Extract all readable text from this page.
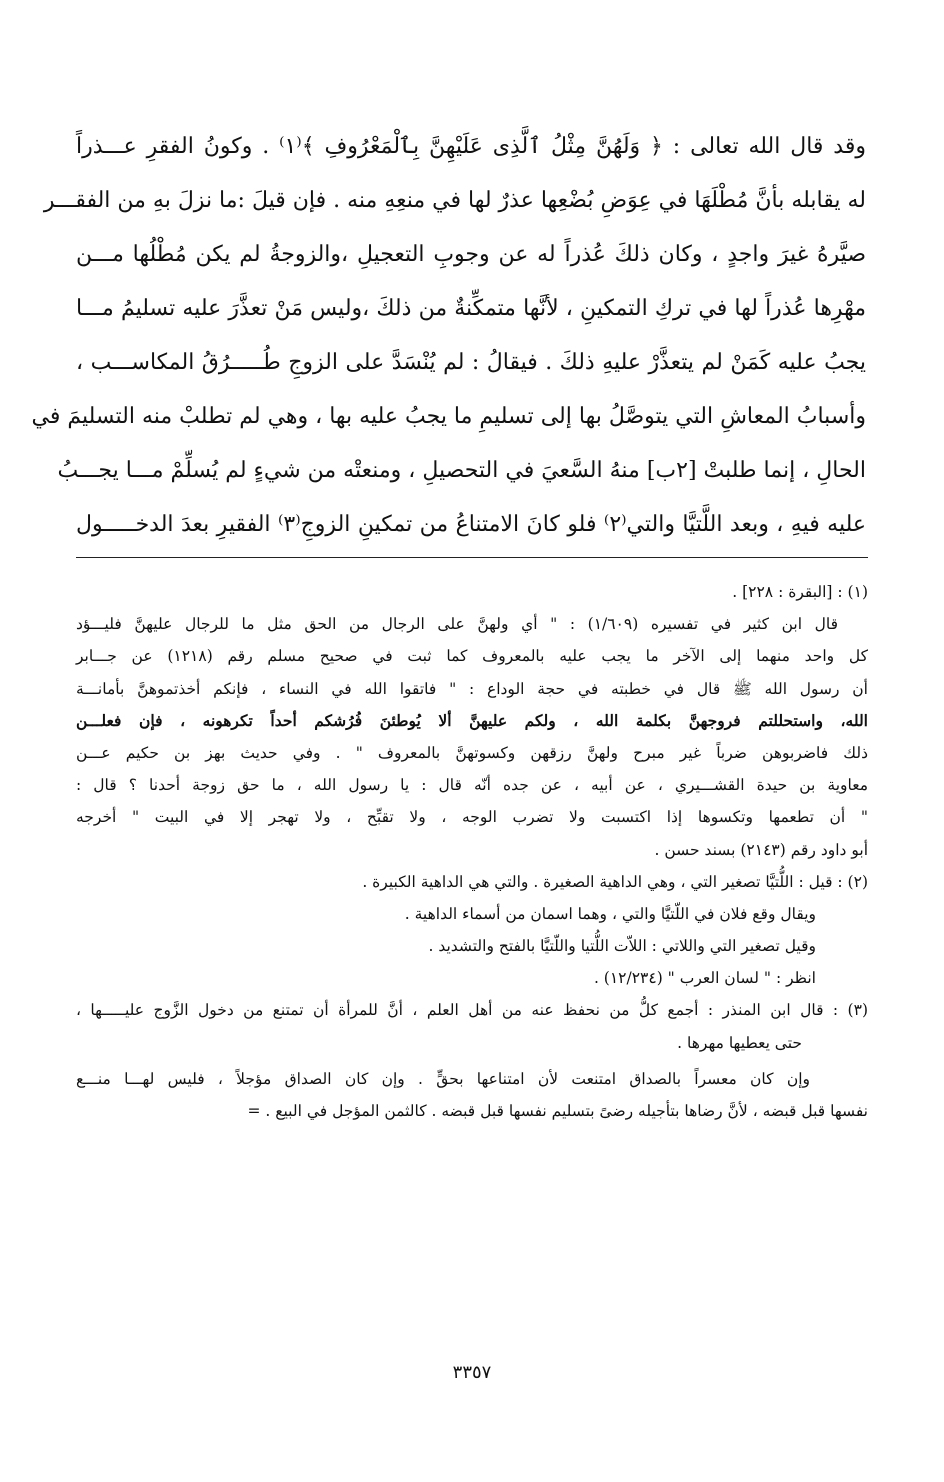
وقد قال الله تعالى : ﴿ وَلَهُنَّ مِثْلُ ٱلَّذِى عَلَيْهِنَّ بِٱلْمَعْرُوفِ ﴾⁽١⁾ . وكونُ الفقرِ عـــذراً
له يقابله بأنَّ مُطْلَهَا في عِوَضِ بُضْعِها عذرٌ لها في منعِهِ منه . فإن قيلَ :ما نزلَ بهِ من الفقـــر
صيَّرهُ غيرَ واجدٍ ، وكان ذلكَ عُذراً له عن وجوبِ التعجيلِ ،والزوجةُ لم يكن مُطْلُها مـــن
مهْرِها عُذراً لها في تركِ التمكينِ ، لأنَّها متمكِّنةٌ من ذلكَ ،وليس مَنْ تعذَّرَ عليه تسليمُ مـــا
يجبُ عليه كَمَنْ لم يتعذَّرْ عليهِ ذلكَ . فيقالُ : لم يُنْسَدَّ على الزوجِ طُـــــرُقُ المكاســـب ،
وأسبابُ المعاشِ التي يتوصَّلُ بها إلى تسليمِ ما يجبُ عليه بها ، وهي لم تطلبْ منه التسليمَ في
الحالِ ، إنما طلبتْ [٢ب] منهُ السَّعيَ في التحصيلِ ، ومنعتْه من شيءٍ لم يُسلِّمْ مـــا يجـــبُ
عليه فيهِ ، وبعد اللَّتيَّا والتي⁽٢⁾ فلو كانَ الامتناعُ من تمكينِ الزوجِ⁽٣⁾ الفقيرِ بعدَ الدخـــــول
(١) : [البقرة : ٢٢٨] .
قال ابن كثير في تفسيره (١/٦٠٩) : " أي ولهنَّ على الرجال من الحق مثل ما للرجال عليهنَّ فليـــؤد
كل واحد منهما إلى الآخر ما يجب عليه بالمعروف كما ثبت في صحيح مسلم رقم (١٢١٨) عن جـــابر
أن رسول الله ﷺ قال في خطبته في حجة الوداع : " فاتقوا الله في النساء ، فإنكم أخذتموهنَّ بأمانـــة
الله، واستحللتم فروجهنَّ بكلمة الله ، ولكم عليهنَّ ألا يُوطئنَ فُرُشكم أحداً تكرهونه ، فإن فعلـــن
ذلك فاضربوهن ضرباً غير مبرح ولهنَّ رزقهن وكسوتهنَّ بالمعروف " . وفي حديث بهز بن حكيم عـــن
معاوية بن حيدة القشـــيري ، عن أبيه ، عن جده أنّه قال : يا رسول الله ، ما حق زوجة أحدنا ؟ قال :
" أن تطعمها وتكسوها إذا اكتسبت ولا تضرب الوجه ، ولا تقبِّح ، ولا تهجر إلا في البيت " أخرجه
أبو داود رقم (٢١٤٣) بسند حسن .
(٢) : قيل : اللُّتيَّا تصغير التي ، وهي الداهية الصغيرة . والتي هي الداهية الكبيرة .
ويقال وقع فلان في اللّتيَّا والتي ، وهما اسمان من أسماء الداهية .
وقيل تصغير التي واللاتي : اللاّت اللُّتيا واللّتيَّا بالفتح والتشديد .
انظر : " لسان العرب " (١٢/٢٣٤) .
(٣) : قال ابن المنذر : أجمع كلُّ من نحفظ عنه من أهل العلم ، أنَّ للمرأة أن تمتنع من دخول الزَّوج عليـــــها ،
حتى يعطيها مهرها .
وإن كان معسراً بالصداق امتنعت لأن امتناعها بحقٍّ . وإن كان الصداق مؤجلاً ، فليس لهـــا منـــع
نفسها قبل قبضه ، لأنَّ رضاها بتأجيله رضىً بتسليم نفسها قبل قبضه . كالثمن المؤجل في البيع . =
٣٣٥٧
